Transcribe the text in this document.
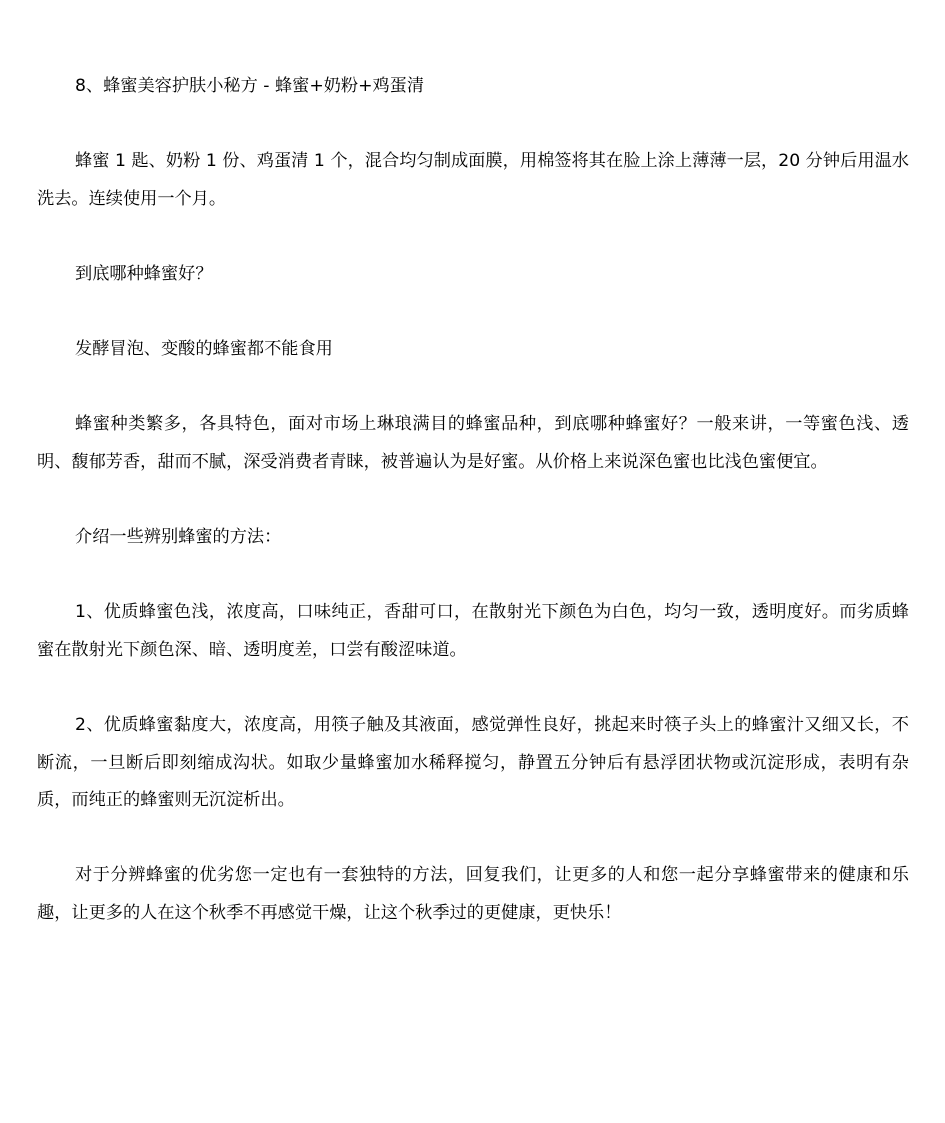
8、蜂蜜美容护肤小秘方 - 蜂蜜+奶粉+鸡蛋清

蜂蜜 1 匙、奶粉 1 份、鸡蛋清 1 个，混合均匀制成面膜，用棉签将其在脸上涂上薄薄一层，20 分钟后用温水洗去。连续使用一个月。

到底哪种蜂蜜好？

发酵冒泡、变酸的蜂蜜都不能食用

蜂蜜种类繁多，各具特色，面对市场上琳琅满目的蜂蜜品种，到底哪种蜂蜜好？一般来讲，一等蜜色浅、透明、馥郁芳香，甜而不腻，深受消费者青睐，被普遍认为是好蜜。从价格上来说深色蜜也比浅色蜜便宜。

介绍一些辨别蜂蜜的方法：

1、优质蜂蜜色浅，浓度高，口味纯正，香甜可口，在散射光下颜色为白色，均匀一致，透明度好。而劣质蜂蜜在散射光下颜色深、暗、透明度差，口尝有酸涩味道。

2、优质蜂蜜黏度大，浓度高，用筷子触及其液面，感觉弹性良好，挑起来时筷子头上的蜂蜜汁又细又长，不断流，一旦断后即刻缩成沟状。如取少量蜂蜜加水稀释搅匀，静置五分钟后有悬浮团状物或沉淀形成，表明有杂质，而纯正的蜂蜜则无沉淀析出。

对于分辨蜂蜜的优劣您一定也有一套独特的方法，回复我们，让更多的人和您一起分享蜂蜜带来的健康和乐趣，让更多的人在这个秋季不再感觉干燥，让这个秋季过的更健康，更快乐！
